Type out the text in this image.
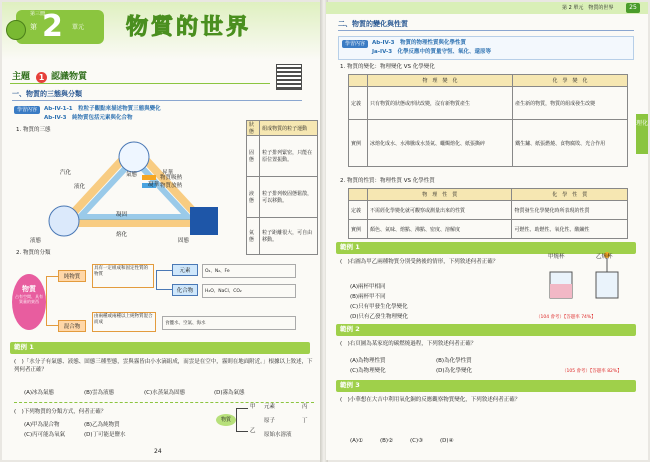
第三冊
第 2 單元 物質的世界
主題	1 認識物質
一、物質的三態與分類
學習內容	Ab-IV-1-1　粒粒子觀點來描述物質三態與變化
Ab-IV-3　純物質包括元素與化合物
1. 物質的三態
氣態
液態	固態
昇華
凝華
凝固
熔化
汽化
液化
物質吸熱
物質放熱
狀態	組成物質的粒子運動
固態	粒子排列緊密，只能在原位置振動。
液態	粒子排列較固態鬆散，可以移動。
氣態	粒子距離很大，可自由移動。
2. 物質的分類
物質
占有空間、具有質量的東西
純物質
具有一定組成和固定性質的物質
元素	O₂、N₂、Fe
化合物	H₂O、NaCl、CO₂
混合物
由兩種或兩種以上純物質混合而成	食鹽水、空氣、海水
範例 1
(　)「水分子有氣態、液態、固態三種型態，雲與霧皆由小水滴組成，而雲是在空中，霧則在地面附近。」根據以上敘述，下列何者正確？
(A)冰為氣態	(B)雲為液態	(C)水蒸氣為固態	(D)霧為氣態
(　)下列物質的分類方式，何者正確？
(A)甲為混合物	(B)乙為純物質
(C)丙可能為氧氣	(D)丁可能是鹽水
物質
甲
乙
丙
丁
元素
原子
原始水溶液
24
第 2 單元　物質的世界	25
二、物質的變化與性質
學習內容	Ab-IV-3　物質的物理性質與化學性質
Ja-IV-3　化學反應中的質量守恆、氧化、還原等
1. 物質的變化：物理變化 VS 化學變化
	物　理　變　化	化　學　變　化
定義	只有物質的狀態或形狀改變，沒有新物質產生	產生新的物質，物質的組成發生改變
實例	冰熔化成水、水沸騰成水蒸氣、蠟燭熔化、紙張撕碎	鐵生鏽、紙張燃燒、食物腐敗、光合作用
2. 物質的性質：物理性質 VS 化學性質
	物　理　性　質	化　學　性　質
定義	不需經化學變化就可觀察或測量出來的性質	物質發生化學變化時所表現的性質
實例	顏色、氣味、熔點、沸點、密度、溶解度	可燃性、助燃性、氧化性、酸鹼性
範例 1
(　)右圖為甲乙兩種物質分別受熱後的情形，下列敘述何者正確？
(A)兩杯甲相同
(B)兩杯甲不同
(C)只有甲發生化學變化
(D)只有乙發生物理變化
甲燒杯	乙燒杯
（104 會考）【答題率 74%】
範例 2
(　)右頁圖為某家庭的碳燃燒過程，下列敘述何者正確？
(A)為物理性質	(B)為化學性質
(C)為物理變化	(D)為化學變化	（105 會考）【答題率 82%】
範例 3
(　)小華想在大吉中利用氧化銅的反應觀察物質變化，下列敘述何者正確？
(A)①	(B)②	(C)③	(D)④
理化
